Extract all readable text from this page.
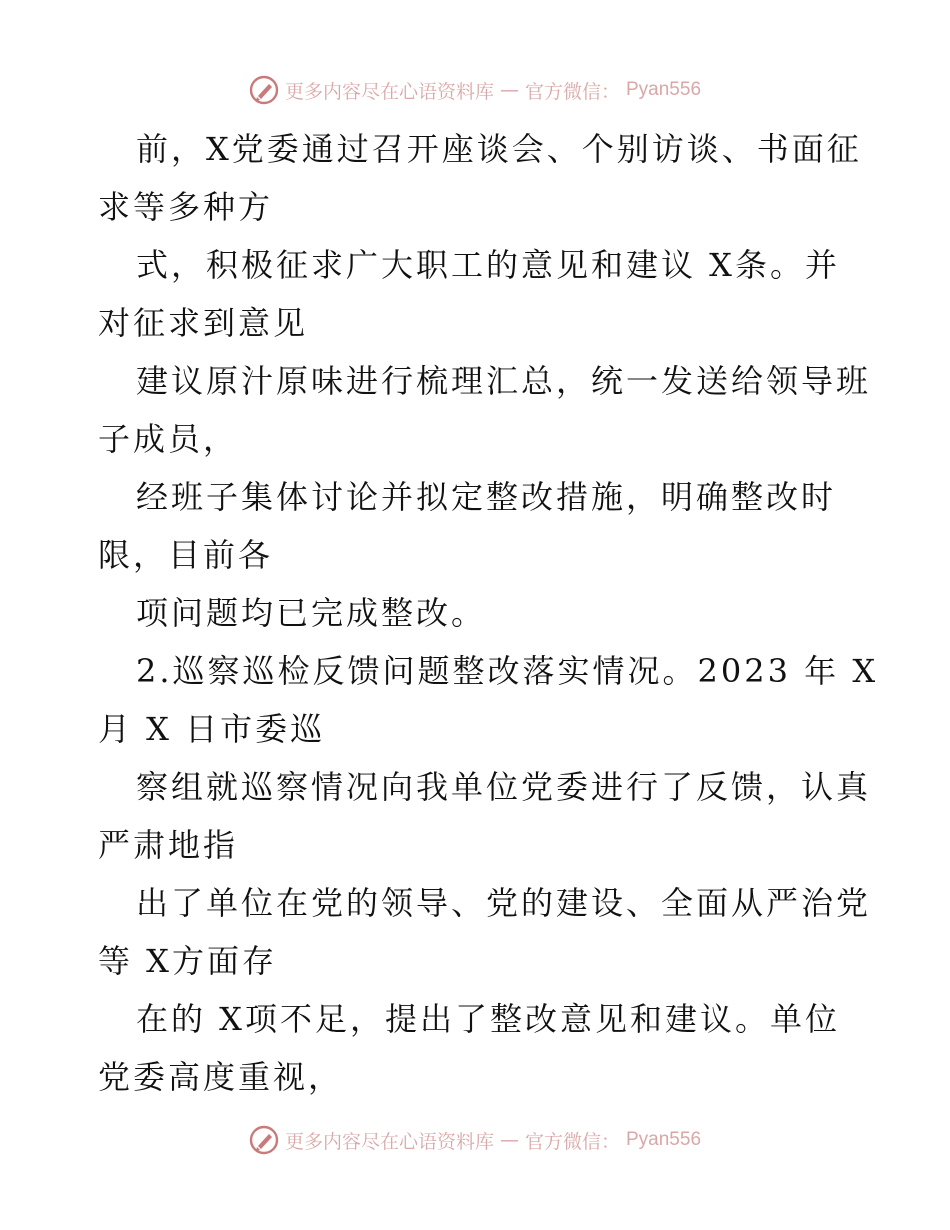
更多内容尽在心语资料库 — 官方微信： Pyan556
前，X党委通过召开座谈会、个别访谈、书面征
求等多种方
式，积极征求广大职工的意见和建议 X条。并
对征求到意见
建议原汁原味进行梳理汇总，统一发送给领导班
子成员，
经班子集体讨论并拟定整改措施，明确整改时
限，目前各
项问题均已完成整改。
2.巡察巡检反馈问题整改落实情况。2023 年 X
月 X 日市委巡
察组就巡察情况向我单位党委进行了反馈，认真
严肃地指
出了单位在党的领导、党的建设、全面从严治党
等 X方面存
在的 X项不足，提出了整改意见和建议。单位
党委高度重视，
更多内容尽在心语资料库 — 官方微信： Pyan556
